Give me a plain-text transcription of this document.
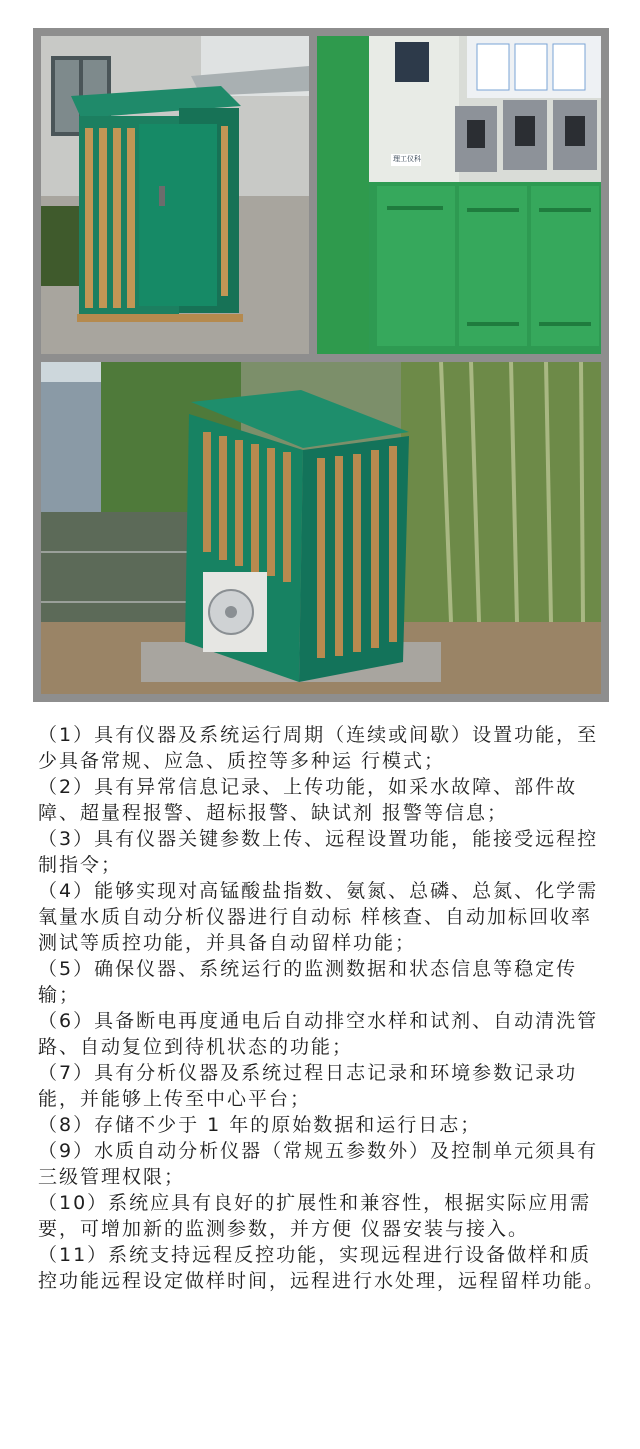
理工仪科
（1）具有仪器及系统运行周期（连续或间歇）设置功能，至少具备常规、应急、质控等多种运 行模式；
（2）具有异常信息记录、上传功能，如采水故障、部件故障、超量程报警、超标报警、缺试剂 报警等信息；
（3）具有仪器关键参数上传、远程设置功能，能接受远程控制指令；
（4）能够实现对高锰酸盐指数、氨氮、总磷、总氮、化学需氧量水质自动分析仪器进行自动标 样核查、自动加标回收率测试等质控功能，并具备自动留样功能；
（5）确保仪器、系统运行的监测数据和状态信息等稳定传输；
（6）具备断电再度通电后自动排空水样和试剂、自动清洗管路、自动复位到待机状态的功能；
（7）具有分析仪器及系统过程日志记录和环境参数记录功能，并能够上传至中心平台；
（8）存储不少于 1 年的原始数据和运行日志；
（9）水质自动分析仪器（常规五参数外）及控制单元须具有三级管理权限；
（10）系统应具有良好的扩展性和兼容性，根据实际应用需要，可增加新的监测参数，并方便 仪器安装与接入。
（11）系统支持远程反控功能，实现远程进行设备做样和质控功能远程设定做样时间，远程进行水处理，远程留样功能。
